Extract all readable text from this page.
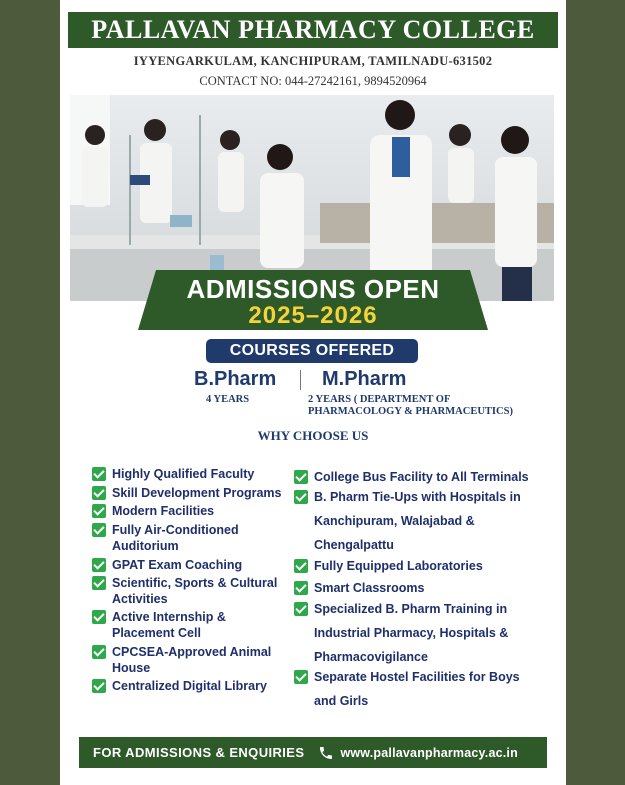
PALLAVAN PHARMACY COLLEGE
IYYENGARKULAM, KANCHIPURAM, TAMILNADU-631502
CONTACT NO: 044-27242161, 9894520964
ADMISSIONS OPEN
2025–2026
COURSES OFFERED
B.Pharm M.Pharm
4 YEARS	2 YEARS ( DEPARTMENT OF
PHARMACOLOGY & PHARMACEUTICS)
WHY CHOOSE US
Highly Qualified Faculty
Skill Development Programs
Modern Facilities
Fully Air-Conditioned
Auditorium
GPAT Exam Coaching
Scientific, Sports & Cultural
Activities
Active Internship &
Placement Cell
CPCSEA-Approved Animal
House
Centralized Digital Library
College Bus Facility to All Terminals
B. Pharm Tie-Ups with Hospitals in
Kanchipuram, Walajabad &
Chengalpattu
Fully Equipped Laboratories
Smart Classrooms
Specialized B. Pharm Training in
Industrial Pharmacy, Hospitals &
Pharmacovigilance
Separate Hostel Facilities for Boys
and Girls
FOR ADMISSIONS & ENQUIRIES	www.pallavanpharmacy.ac.in
